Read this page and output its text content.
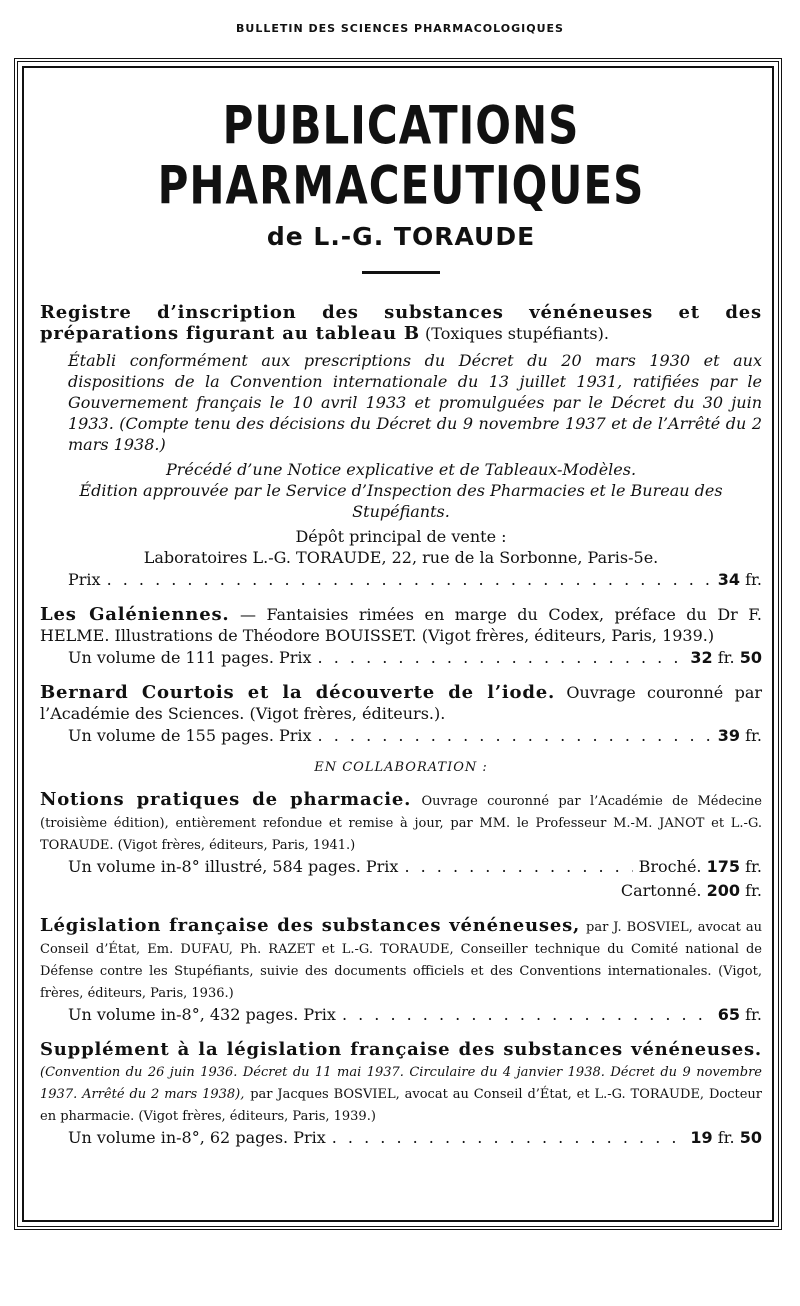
BULLETIN DES SCIENCES PHARMACOLOGIQUES
PUBLICATIONS PHARMACEUTIQUES
de L.-G. TORAUDE

Registre d’inscription des substances vénéneuses et des préparations figurant au tableau B (Toxiques stupéfiants).

Établi conformément aux prescriptions du Décret du 20 mars 1930 et aux dispositions de la Convention internationale du 13 juillet 1931, ratifiées par le Gouvernement français le 10 avril 1933 et promulguées par le Décret du 30 juin 1933. (Compte tenu des décisions du Décret du 9 novembre 1937 et de l’Arrêté du 2 mars 1938.)

Précédé d’une Notice explicative et de Tableaux-Modèles.

Édition approuvée par le Service d’Inspection des Pharmacies et le Bureau des Stupéfiants.

Dépôt principal de vente :

Laboratoires L.-G. TORAUDE, 22, rue de la Sorbonne, Paris-5e.

Prix . . .	34 fr.

Les Galéniennes. — Fantaisies rimées en marge du Codex, préface du Dr F. HELME. Illustrations de Théodore BOUISSET. (Vigot frères, éditeurs, Paris, 1939.)

Un volume de 111 pages. Prix . . .	32 fr. 50

Bernard Courtois et la découverte de l’iode. Ouvrage couronné par l’Académie des Sciences. (Vigot frères, éditeurs.).

Un volume de 155 pages. Prix . . .	39 fr.
EN COLLABORATION :

Notions pratiques de pharmacie. Ouvrage couronné par l’Académie de Médecine (troisième édition), entièrement refondue et remise à jour, par MM. le Professeur M.-M. JANOT et L.-G. TORAUDE. (Vigot frères, éditeurs, Paris, 1941.)

Un volume in-8° illustré, 584 pages. Prix . . .	Broché. 175 fr.
Cartonné. 200 fr.

Législation française des substances vénéneuses, par J. BOSVIEL, avocat au Conseil d’État, Em. DUFAU, Ph. RAZET et L.-G. TORAUDE, Conseiller technique du Comité national de Défense contre les Stupéfiants, suivie des documents officiels et des Conventions internationales. (Vigot, frères, éditeurs, Paris, 1936.)

Un volume in-8°, 432 pages. Prix . . .	65 fr.

Supplément à la législation française des substances vénéneuses. (Convention du 26 juin 1936. Décret du 11 mai 1937. Circulaire du 4 janvier 1938. Décret du 9 novembre 1937. Arrêté du 2 mars 1938), par Jacques BOSVIEL, avocat au Conseil d’État, et L.-G. TORAUDE, Docteur en pharmacie. (Vigot frères, éditeurs, Paris, 1939.)

Un volume in-8°, 62 pages. Prix . . .	19 fr. 50
